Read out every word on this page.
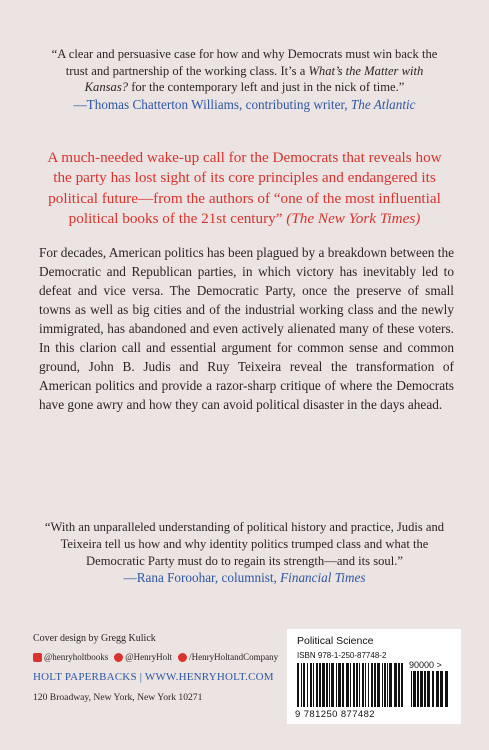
“A clear and persuasive case for how and why Democrats must win back the trust and partnership of the working class. It’s a What’s the Matter with Kansas? for the contemporary left and just in the nick of time.”
—Thomas Chatterton Williams, contributing writer, The Atlantic
A much-needed wake-up call for the Democrats that reveals how the party has lost sight of its core principles and endangered its political future—from the authors of “one of the most influential political books of the 21st century” (The New York Times)
For decades, American politics has been plagued by a breakdown between the Democratic and Republican parties, in which victory has inevitably led to defeat and vice versa. The Democratic Party, once the preserve of small towns as well as big cities and of the industrial working class and the newly immigrated, has abandoned and even actively alienated many of these voters. In this clarion call and essential argument for common sense and common ground, John B. Judis and Ruy Teixeira reveal the transformation of American politics and provide a razor-sharp critique of where the Democrats have gone awry and how they can avoid political disaster in the days ahead.
“With an unparalleled understanding of political history and practice, Judis and Teixeira tell us how and why identity politics trumped class and what the Democratic Party must do to regain its strength—and its soul.”
—Rana Foroohar, columnist, Financial Times
Cover design by Gregg Kulick
@henryholtbooks	@HenryHolt	/HenryHoltandCompany
HOLT PAPERBACKS | WWW.HENRYHOLT.COM
120 Broadway, New York, New York 10271
Political Science
ISBN 978-1-250-87748-2
90000 >
9 781250 877482
